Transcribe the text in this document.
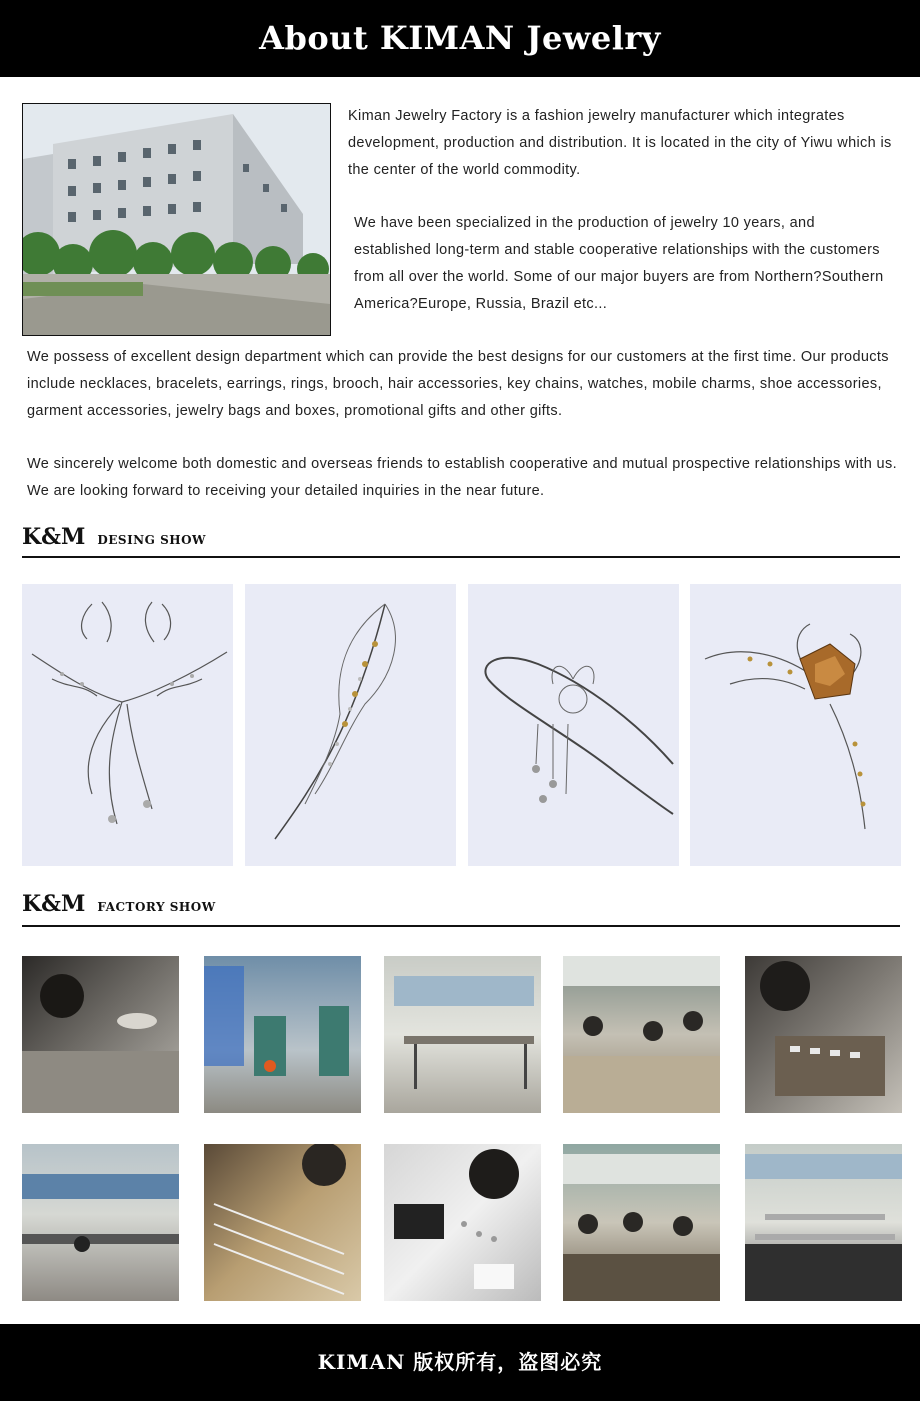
About KIMAN Jewelry

Kiman Jewelry Factory is a fashion jewelry manufacturer which integrates development, production and distribution. It is located in the city of Yiwu which is the center of the world commodity.

We have been specialized in the production of jewelry 10 years, and established long-term and stable cooperative relationships with the customers from all over the world. Some of our major buyers are from Northern?Southern America?Europe, Russia, Brazil etc...

We possess of excellent design department which can provide the best designs for our customers at the first time. Our products include necklaces, bracelets, earrings, rings, brooch, hair accessories, key chains, watches, mobile charms, shoe accessories, garment accessories, jewelry bags and boxes, promotional gifts and other gifts.

We sincerely welcome both domestic and overseas friends to establish cooperative and mutual prospective relationships with us. We are looking forward to receiving your detailed inquiries in the near future.

K&M DESING SHOW
K&M FACTORY SHOW
KIMAN 版权所有，盗图必究
